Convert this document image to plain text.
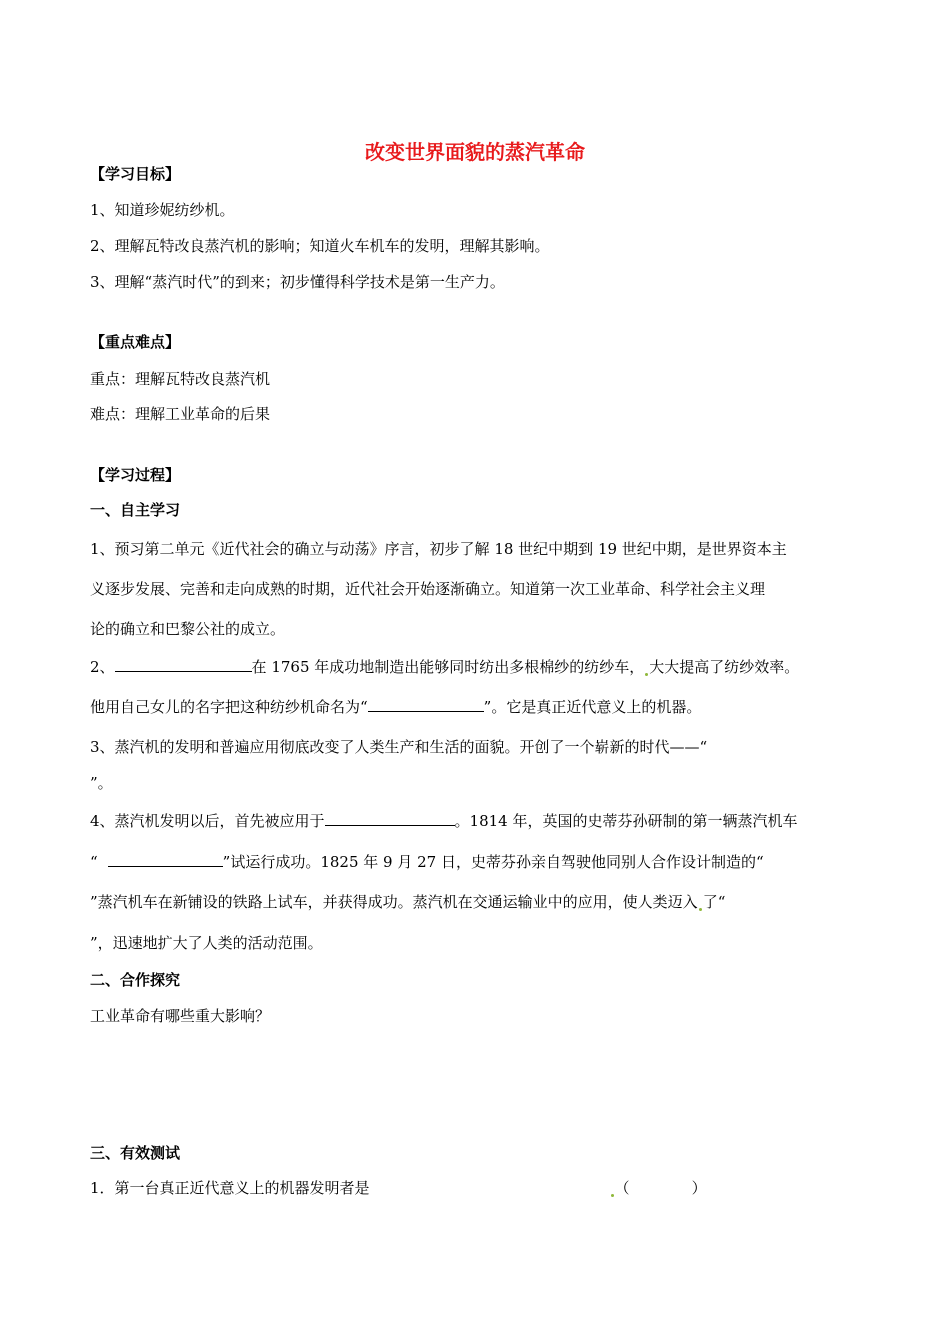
改变世界面貌的蒸汽革命
【学习目标】
1、知道珍妮纺纱机。
2、理解瓦特改良蒸汽机的影响；知道火车机车的发明，理解其影响。
3、理解“蒸汽时代”的到来；初步懂得科学技术是第一生产力。
【重点难点】
重点：理解瓦特改良蒸汽机
难点：理解工业革命的后果
【学习过程】
一、自主学习
1、预习第二单元《近代社会的确立与动荡》序言，初步了解 18 世纪中期到 19 世纪中期，是世界资本主
义逐步发展、完善和走向成熟的时期，近代社会开始逐渐确立。知道第一次工业革命、科学社会主义理
论的确立和巴黎公社的成立。
2、	在 1765 年成功地制造出能够同时纺出多根棉纱的纺纱车， 大大提高了纺纱效率。
他用自己女儿的名字把这种纺纱机命名为“	”。它是真正近代意义上的机器。
3、蒸汽机的发明和普遍应用彻底改变了人类生产和生活的面貌。开创了一个崭新的时代——“
”。
4、蒸汽机发明以后，首先被应用于	。1814 年，英国的史蒂芬孙研制的第一辆蒸汽机车
“	”试运行成功。1825 年 9 月 27 日，史蒂芬孙亲自驾驶他同别人合作设计制造的“
”蒸汽机车在新铺设的铁路上试车，并获得成功。蒸汽机在交通运输业中的应用，使人类迈入 了“
”，迅速地扩大了人类的活动范围。
二、合作探究
工业革命有哪些重大影响？
三、有效测试
1．第一台真正近代意义上的机器发明者是	（	）
